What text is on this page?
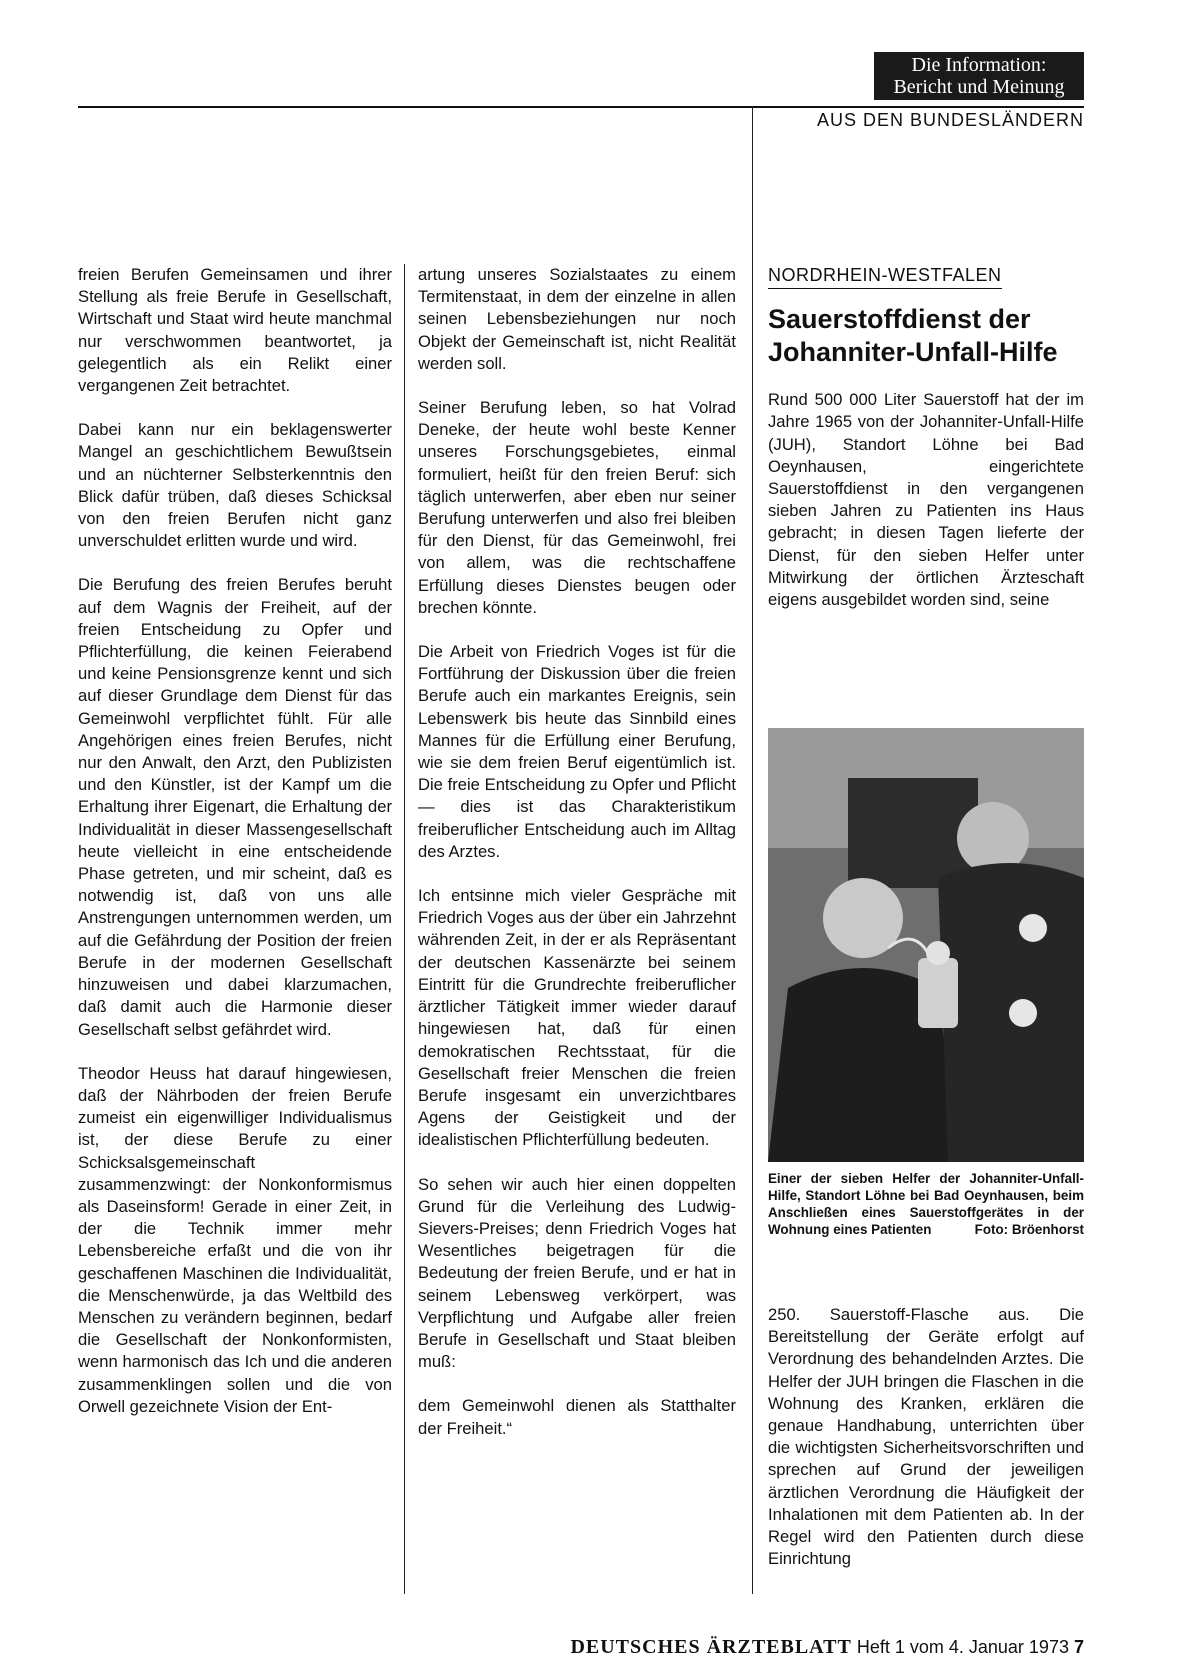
Die Information:
Bericht und Meinung
AUS DEN BUNDESLÄNDERN

freien Berufen Gemeinsamen und ihrer Stellung als freie Berufe in Gesellschaft, Wirtschaft und Staat wird heute manchmal nur verschwommen beantwortet, ja gelegentlich als ein Relikt einer vergangenen Zeit betrachtet.

Dabei kann nur ein beklagenswerter Mangel an geschichtlichem Bewußtsein und an nüchterner Selbsterkenntnis den Blick dafür trüben, daß dieses Schicksal von den freien Berufen nicht ganz unverschuldet erlitten wurde und wird.

Die Berufung des freien Berufes beruht auf dem Wagnis der Freiheit, auf der freien Entscheidung zu Opfer und Pflichterfüllung, die keinen Feierabend und keine Pensionsgrenze kennt und sich auf dieser Grundlage dem Dienst für das Gemeinwohl verpflichtet fühlt. Für alle Angehörigen eines freien Berufes, nicht nur den Anwalt, den Arzt, den Publizisten und den Künstler, ist der Kampf um die Erhaltung ihrer Eigenart, die Erhaltung der Individualität in dieser Massengesellschaft heute vielleicht in eine entscheidende Phase getreten, und mir scheint, daß es notwendig ist, daß von uns alle Anstrengungen unternommen werden, um auf die Gefährdung der Position der freien Berufe in der modernen Gesellschaft hinzuweisen und dabei klarzumachen, daß damit auch die Harmonie dieser Gesellschaft selbst gefährdet wird.

Theodor Heuss hat darauf hingewiesen, daß der Nährboden der freien Berufe zumeist ein eigenwilliger Individualismus ist, der diese Berufe zu einer Schicksalsgemeinschaft zusammenzwingt: der Nonkonformismus als Daseinsform! Gerade in einer Zeit, in der die Technik immer mehr Lebensbereiche erfaßt und die von ihr geschaffenen Maschinen die Individualität, die Menschenwürde, ja das Weltbild des Menschen zu verändern beginnen, bedarf die Gesellschaft der Nonkonformisten, wenn harmonisch das Ich und die anderen zusammenklingen sollen und die von Orwell gezeichnete Vision der Ent-

artung unseres Sozialstaates zu einem Termitenstaat, in dem der einzelne in allen seinen Lebensbeziehungen nur noch Objekt der Gemeinschaft ist, nicht Realität werden soll.

Seiner Berufung leben, so hat Volrad Deneke, der heute wohl beste Kenner unseres Forschungsgebietes, einmal formuliert, heißt für den freien Beruf: sich täglich unterwerfen, aber eben nur seiner Berufung unterwerfen und also frei bleiben für den Dienst, für das Gemeinwohl, frei von allem, was die rechtschaffene Erfüllung dieses Dienstes beugen oder brechen könnte.

Die Arbeit von Friedrich Voges ist für die Fortführung der Diskussion über die freien Berufe auch ein markantes Ereignis, sein Lebenswerk bis heute das Sinnbild eines Mannes für die Erfüllung einer Berufung, wie sie dem freien Beruf eigentümlich ist. Die freie Entscheidung zu Opfer und Pflicht — dies ist das Charakteristikum freiberuflicher Entscheidung auch im Alltag des Arztes.

Ich entsinne mich vieler Gespräche mit Friedrich Voges aus der über ein Jahrzehnt währenden Zeit, in der er als Repräsentant der deutschen Kassenärzte bei seinem Eintritt für die Grundrechte freiberuflicher ärztlicher Tätigkeit immer wieder darauf hingewiesen hat, daß für einen demokratischen Rechtsstaat, für die Gesellschaft freier Menschen die freien Berufe insgesamt ein unverzichtbares Agens der Geistigkeit und der idealistischen Pflichterfüllung bedeuten.

So sehen wir auch hier einen doppelten Grund für die Verleihung des Ludwig-Sievers-Preises; denn Friedrich Voges hat Wesentliches beigetragen für die Bedeutung der freien Berufe, und er hat in seinem Lebensweg verkörpert, was Verpflichtung und Aufgabe aller freien Berufe in Gesellschaft und Staat bleiben muß:

dem Gemeinwohl dienen als Statthalter der Freiheit.“

NORDRHEIN-WESTFALEN
Sauerstoffdienst der Johanniter-Unfall-Hilfe

Rund 500 000 Liter Sauerstoff hat der im Jahre 1965 von der Johanniter-Unfall-Hilfe (JUH), Standort Löhne bei Bad Oeynhausen, eingerichtete Sauerstoffdienst in den vergangenen sieben Jahren zu Patienten ins Haus gebracht; in diesen Tagen lieferte der Dienst, für den sieben Helfer unter Mitwirkung der örtlichen Ärzteschaft eigens ausgebildet worden sind, seine

Einer der sieben Helfer der Johanniter-Unfall-Hilfe, Standort Löhne bei Bad Oeynhausen, beim Anschließen eines Sauerstoffgerätes in der Wohnung eines Patienten	Foto: Bröenhorst
250. Sauerstoff-Flasche aus. Die Bereitstellung der Geräte erfolgt auf Verordnung des behandelnden Arztes. Die Helfer der JUH bringen die Flaschen in die Wohnung des Kranken, erklären die genaue Handhabung, unterrichten über die wichtigsten Sicherheitsvorschriften und sprechen auf Grund der jeweiligen ärztlichen Verordnung die Häufigkeit der Inhalationen mit dem Patienten ab. In der Regel wird den Patienten durch diese Einrichtung
DEUTSCHES ÄRZTEBLATT Heft 1 vom 4. Januar 1973 7
